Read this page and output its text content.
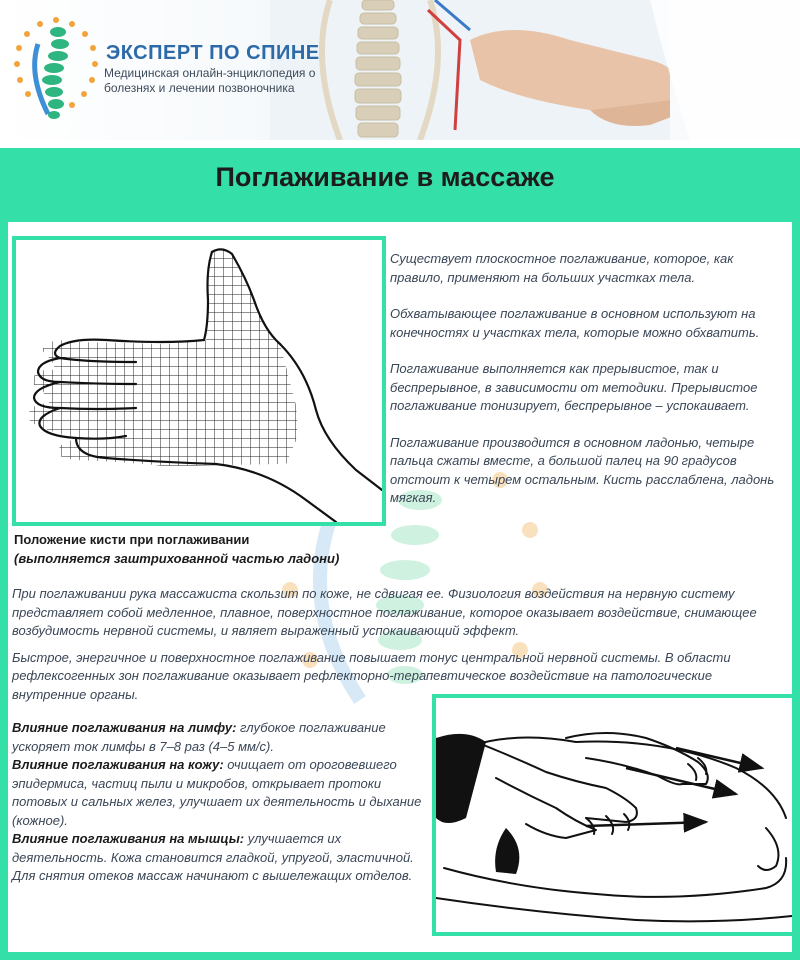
ЭКСПЕРТ ПО СПИНЕ
Медицинская онлайн-энциклопедия о болезнях и лечении позвоночника
Поглаживание в массаже
Положение кисти при поглаживании
(выполняется заштрихованной частью ладони)

Существует плоскостное поглаживание, которое, как правило, применяют на больших участках тела.

Обхватывающее поглаживание в основном используют на конечностях и участках тела, которые можно обхватить.

Поглаживание выполняется как прерывистое, так и беспрерывное, в зависимости от методики. Прерывистое поглаживание тонизирует, беспрерывное – успокаивает.

Поглаживание производится в основном ладонью, четыре пальца сжаты вместе, а большой палец на 90 градусов отстоит к четырем остальным. Кисть расслаблена, ладонь мягкая.

При поглаживании рука массажиста скользит по коже, не сдвигая ее. Физиология воздействия на нервную систему представляет собой медленное, плавное, поверхностное поглаживание, которое оказывает воздействие, снимающее возбудимость нервной системы, и являет выраженный успокаивающий эффект.

Быстрое, энергичное и поверхностное поглаживание повышает тонус центральной нервной системы. В области рефлексогенных зон поглаживание оказывает рефлекторно-терапевтическое воздействие на патологические внутренние органы.

Влияние поглаживания на лимфу: глубокое поглаживание ускоряет ток лимфы в 7–8 раз (4–5 мм/с).

Влияние поглаживания на кожу: очищает от ороговевшего эпидермиса, частиц пыли и микробов, открывает протоки потовых и сальных желез, улучшает их деятельность и дыхание (кожное).

Влияние поглаживания на мышцы: улучшается их деятельность. Кожа становится гладкой, упругой, эластичной.

Для снятия отеков массаж начинают с вышележащих отделов.
